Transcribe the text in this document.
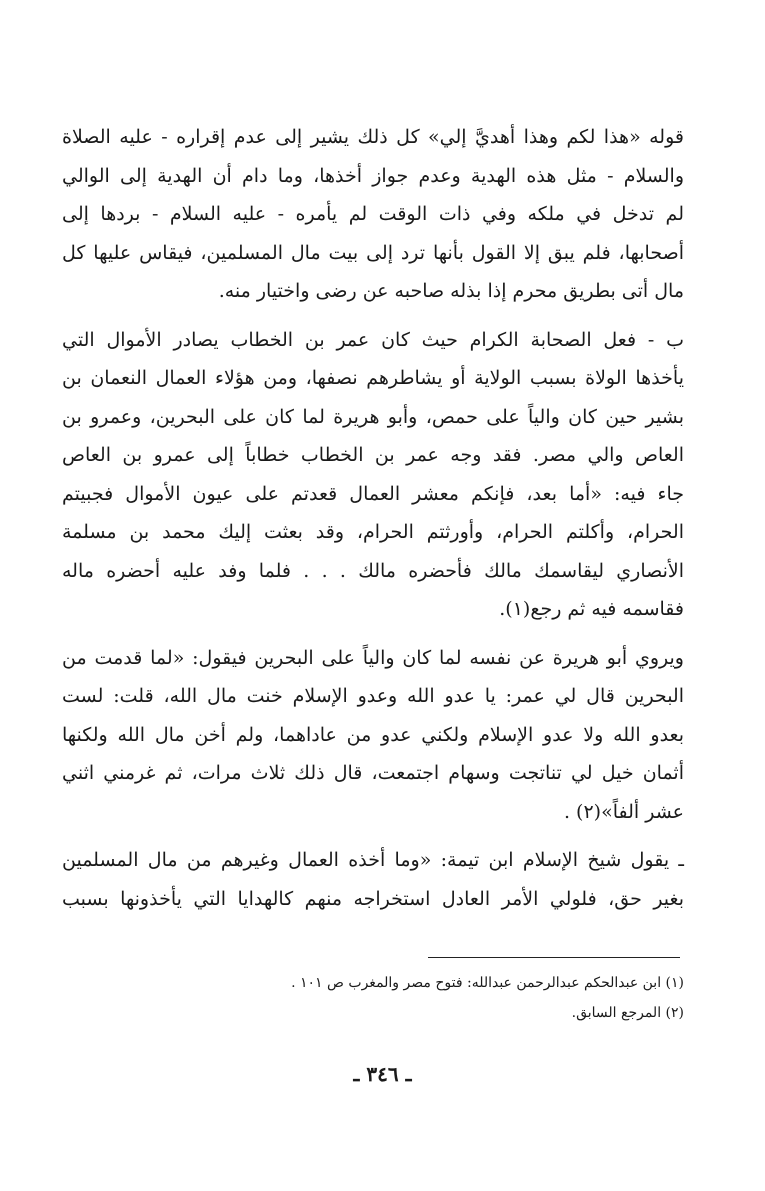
قوله «هذا لكم وهذا أهديَّ إلي» كل ذلك يشير إلى عدم إقراره - عليه الصلاة
والسلام - مثل هذه الهدية وعدم جواز أخذها، وما دام أن الهدية إلى الوالي
لم تدخل في ملكه وفي ذات الوقت لم يأمره - عليه السلام - بردها إلى
أصحابها، فلم يبق إلا القول بأنها ترد إلى بيت مال المسلمين، فيقاس عليها كل
مال أتى بطريق محرم إذا بذله صاحبه عن رضى واختيار منه.
ب - فعل الصحابة الكرام حيث كان عمر بن الخطاب يصادر الأموال التي
يأخذها الولاة بسبب الولاية أو يشاطرهم نصفها، ومن هؤلاء العمال النعمان بن
بشير حين كان والياً على حمص، وأبو هريرة لما كان على البحرين، وعمرو بن
العاص والي مصر. فقد وجه عمر بن الخطاب خطاباً إلى عمرو بن العاص
جاء فيه: «أما بعد، فإنكم معشر العمال قعدتم على عيون الأموال فجبيتم
الحرام، وأكلتم الحرام، وأورثتم الحرام، وقد بعثت إليك محمد بن مسلمة
الأنصاري ليقاسمك مالك فأحضره مالك . . . فلما وفد عليه أحضره ماله
فقاسمه فيه ثم رجع(١).
ويروي أبو هريرة عن نفسه لما كان والياً على البحرين فيقول: «لما قدمت من
البحرين قال لي عمر: يا عدو الله وعدو الإسلام خنت مال الله، قلت: لست
بعدو الله ولا عدو الإسلام ولكني عدو من عاداهما، ولم أخن مال الله ولكنها
أثمان خيل لي تناتجت وسهام اجتمعت، قال ذلك ثلاث مرات، ثم غرمني اثني
عشر ألفاً»(٢) .
ـ يقول شيخ الإسلام ابن تيمة: «وما أخذه العمال وغيرهم من مال المسلمين
بغير حق، فلولي الأمر العادل استخراجه منهم كالهدايا التي يأخذونها بسبب
(١) ابن عبدالحكم عبدالرحمن عبدالله: فتوح مصر والمغرب ص ١٠١ .
(٢) المرجع السابق.
ـ ٣٤٦ ـ
